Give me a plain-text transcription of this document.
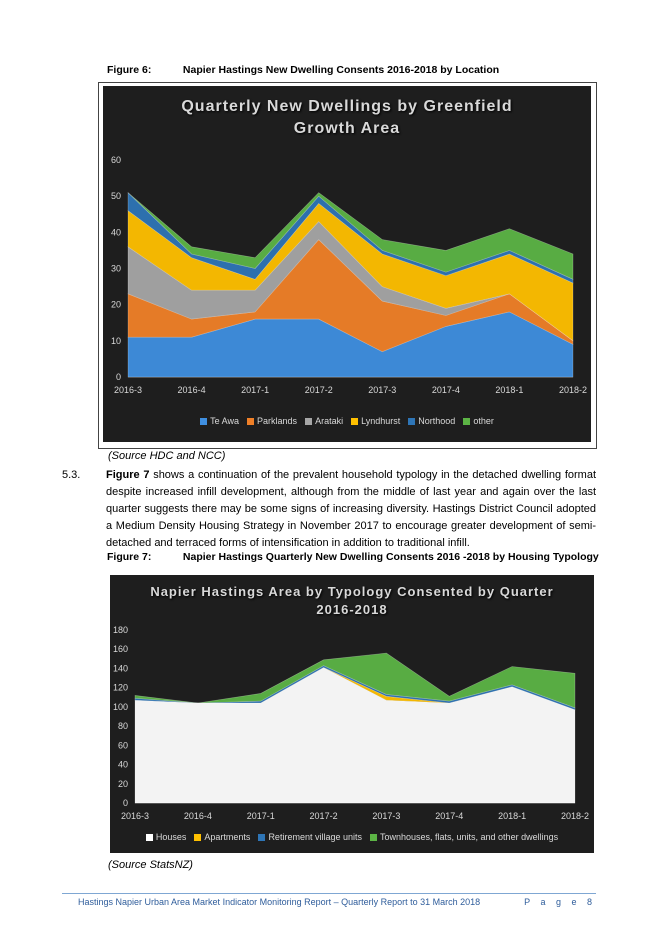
Figure 6:	Napier Hastings New Dwelling Consents 2016-2018 by Location
Quarterly New Dwellings by Greenfield
Growth Area
0
10
20
30
40
50
60
2016-3	2016-4	2017-1	2017-2	2017-3	2017-4	2018-1	2018-2
Te Awa Parklands Arataki Lyndhurst Northood other
(Source HDC and NCC)
5.3. Figure 7 shows a continuation of the prevalent household typology in the detached dwelling format despite increased infill development, although from the middle of last year and again over the last quarter suggests there may be some signs of increasing diversity. Hastings District Council adopted a Medium Density Housing Strategy in November 2017 to encourage greater development of semi-detached and terraced forms of intensification in addition to traditional infill.
Figure 7:	Napier Hastings Quarterly New Dwelling Consents 2016 -2018 by Housing Typology
Napier Hastings Area by Typology Consented by Quarter
2016-2018
0
20
40
60
80
100
120
140
160
180
2016-3	2016-4	2017-1	2017-2	2017-3	2017-4	2018-1	2018-2
Houses Apartments Retirement village units Townhouses, flats, units, and other dwellings
(Source StatsNZ)
Hastings Napier Urban Area Market Indicator Monitoring Report – Quarterly Report to 31 March 2018	P a g e 8
